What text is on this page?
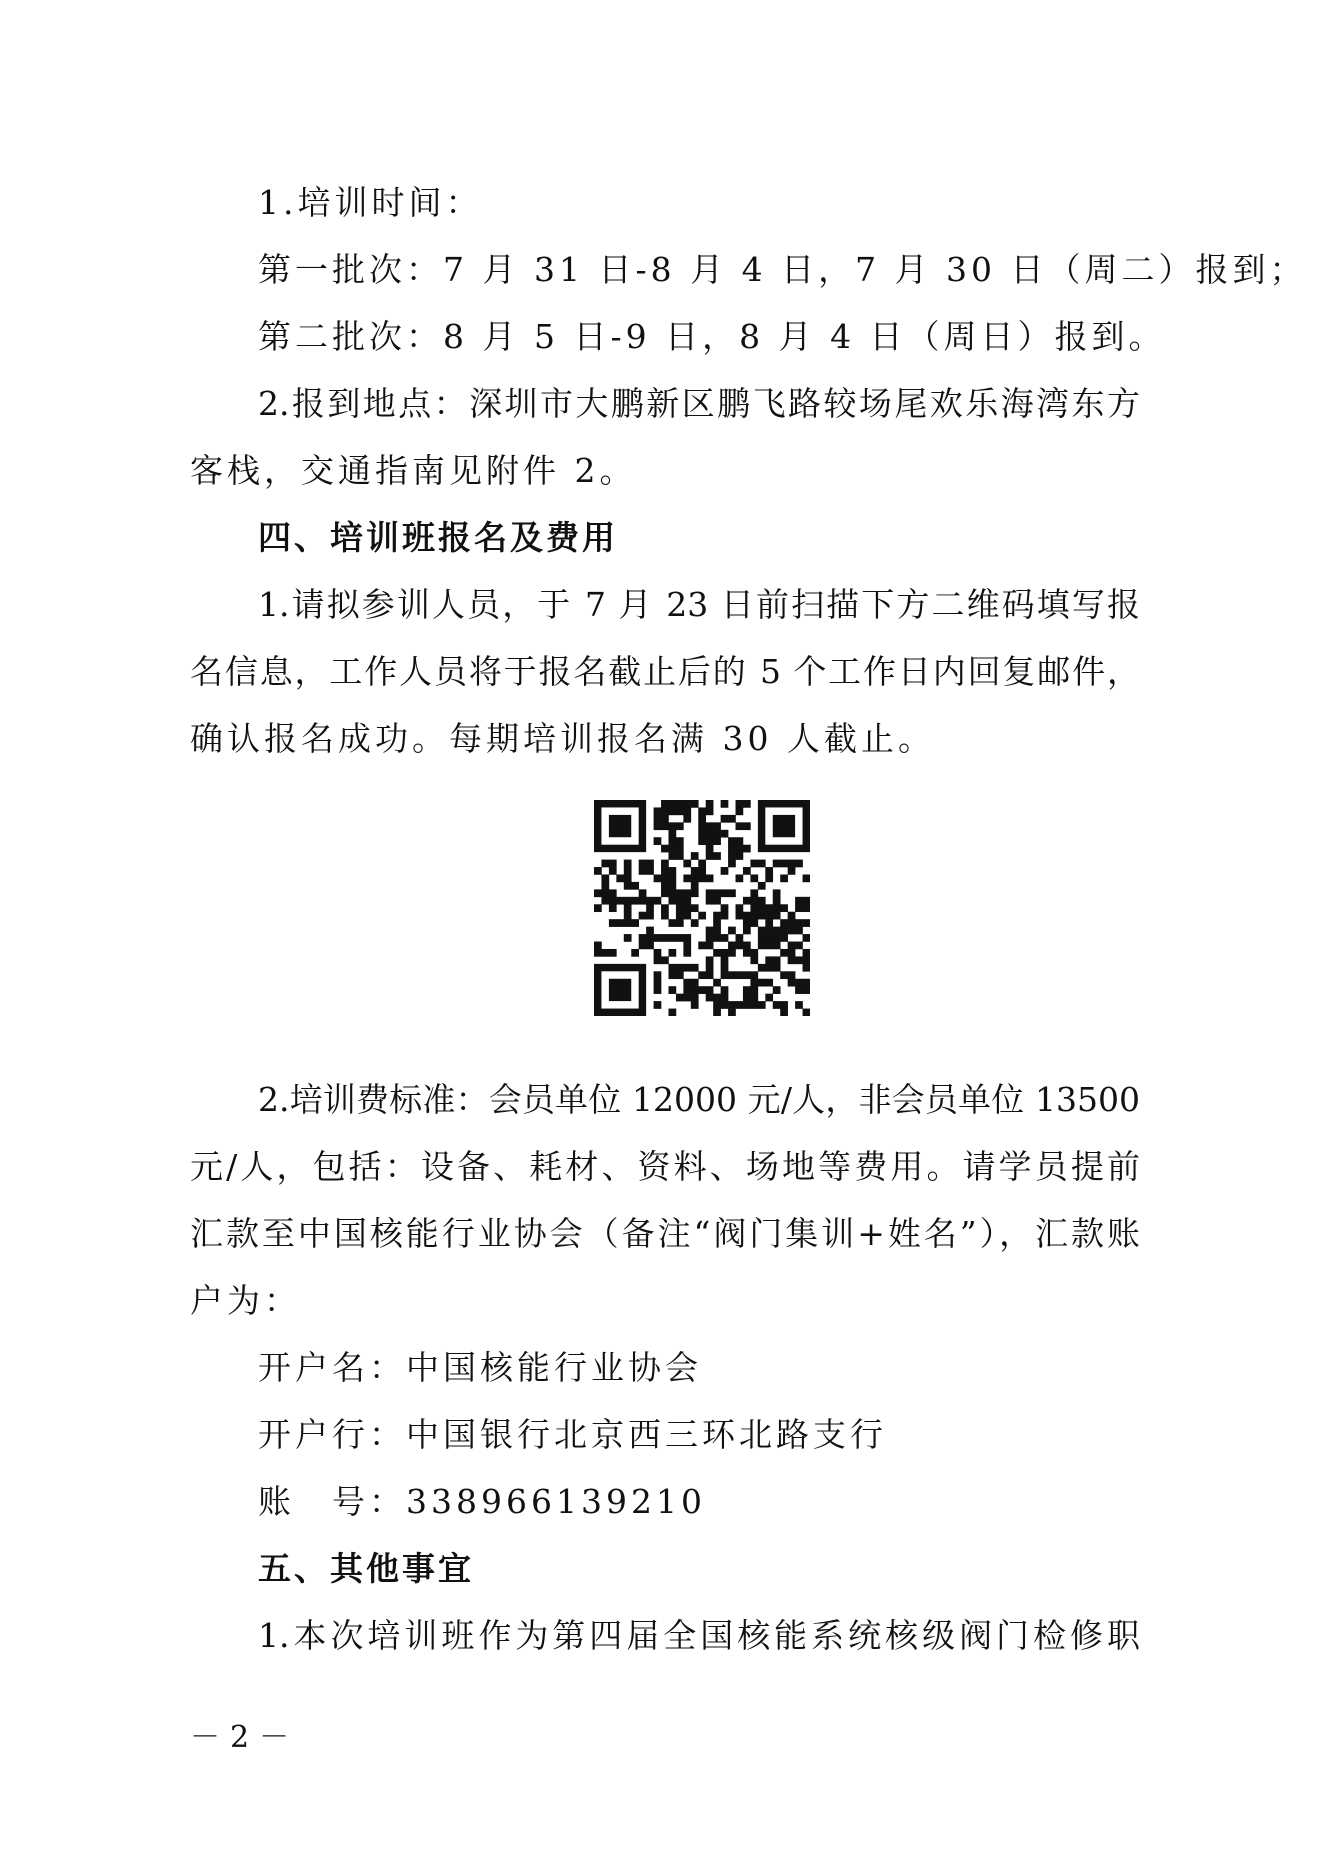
1.培训时间：
第一批次：7 月 31 日-8 月 4 日，7 月 30 日（周二）报到；
第二批次：8 月 5 日-9 日，8 月 4 日（周日）报到。
2.报到地点：深圳市大鹏新区鹏飞路较场尾欢乐海湾东方
客栈，交通指南见附件 2。
四、培训班报名及费用
1.请拟参训人员，于 7 月 23 日前扫描下方二维码填写报
名信息，工作人员将于报名截止后的 5 个工作日内回复邮件，
确认报名成功。每期培训报名满 30 人截止。
2.培训费标准：会员单位 12000 元/人，非会员单位 13500
元/人，包括：设备、耗材、资料、场地等费用。请学员提前
汇款至中国核能行业协会（备注“阀门集训+姓名”），汇款账
户为：
开户名：中国核能行业协会
开户行：中国银行北京西三环北路支行
账　号：338966139210
五、其他事宜
1.本次培训班作为第四届全国核能系统核级阀门检修职
－2－
